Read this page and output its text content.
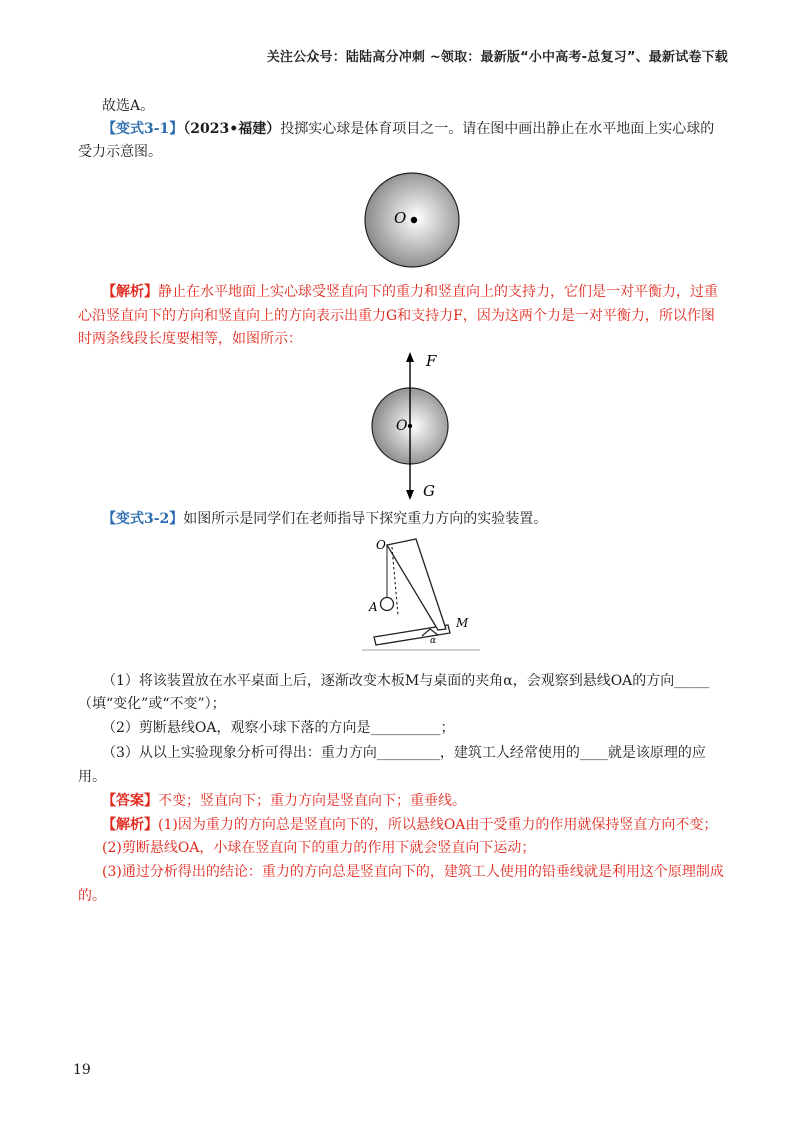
关注公众号：陆陆高分冲刺 ~领取：最新版“小中高考-总复习”、最新试卷下载

故选A。

【变式3-1】（2023•福建）投掷实心球是体育项目之一。请在图中画出静止在水平地面上实心球的受力示意图。

O

【解析】静止在水平地面上实心球受竖直向下的重力和竖直向上的支持力，它们是一对平衡力，过重心沿竖直向下的方向和竖直向上的方向表示出重力G和支持力F，因为这两个力是一对平衡力，所以作图时两条线段长度要相等，如图所示：

F
O
G

【变式3-2】如图所示是同学们在老师指导下探究重力方向的实验装置。

O
A
M
α

（1）将该装置放在水平桌面上后，逐渐改变木板M与桌面的夹角α，会观察到悬线OA的方向_____（填“变化”或“不变”）；

（2）剪断悬线OA，观察小球下落的方向是__________；

（3）从以上实验现象分析可得出：重力方向_________，建筑工人经常使用的____就是该原理的应用。

【答案】不变；竖直向下；重力方向是竖直向下；重垂线。

【解析】(1)因为重力的方向总是竖直向下的，所以悬线OA由于受重力的作用就保持竖直方向不变；

(2)剪断悬线OA，小球在竖直向下的重力的作用下就会竖直向下运动；

(3)通过分析得出的结论：重力的方向总是竖直向下的，建筑工人使用的铅垂线就是利用这个原理制成的。

19
